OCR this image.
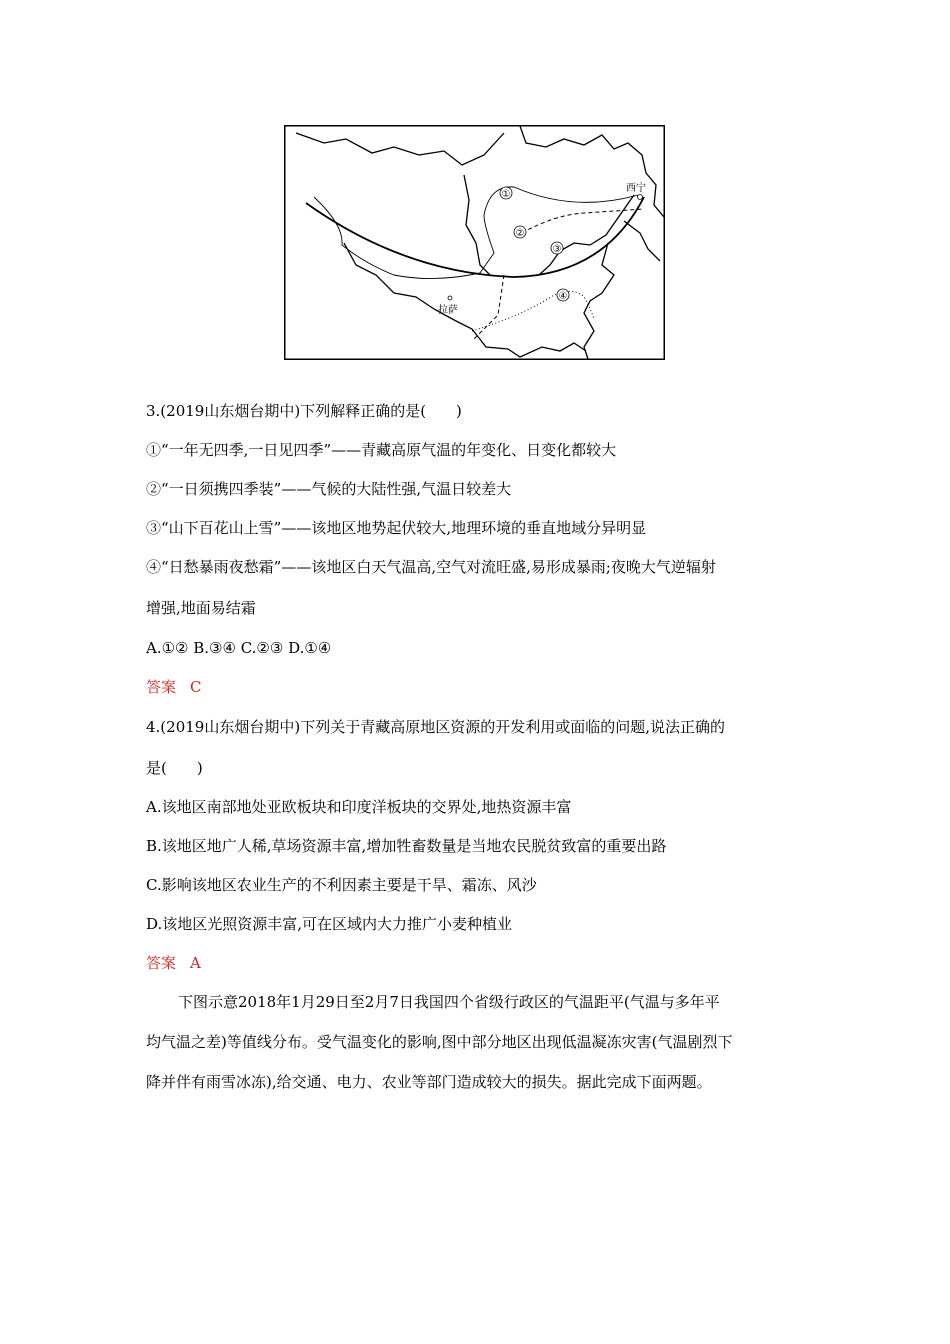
①
②
③
④
西宁
拉萨
3.(2019山东烟台期中)下列解释正确的是(　　)
①“一年无四季,一日见四季”——青藏高原气温的年变化、日变化都较大
②“一日须携四季装”——气候的大陆性强,气温日较差大
③“山下百花山上雪”——该地区地势起伏较大,地理环境的垂直地域分异明显
④“日愁暴雨夜愁霜”——该地区白天气温高,空气对流旺盛,易形成暴雨;夜晚大气逆辐射
增强,地面易结霜
A.①② B.③④ C.②③ D.①④
答案 C
4.(2019山东烟台期中)下列关于青藏高原地区资源的开发利用或面临的问题,说法正确的
是(　　)
A.该地区南部地处亚欧板块和印度洋板块的交界处,地热资源丰富
B.该地区地广人稀,草场资源丰富,增加牲畜数量是当地农民脱贫致富的重要出路
C.影响该地区农业生产的不利因素主要是干旱、霜冻、风沙
D.该地区光照资源丰富,可在区域内大力推广小麦种植业
答案 A
下图示意2018年1月29日至2月7日我国四个省级行政区的气温距平(气温与多年平
均气温之差)等值线分布。受气温变化的影响,图中部分地区出现低温凝冻灾害(气温剧烈下
降并伴有雨雪冰冻),给交通、电力、农业等部门造成较大的损失。据此完成下面两题。
